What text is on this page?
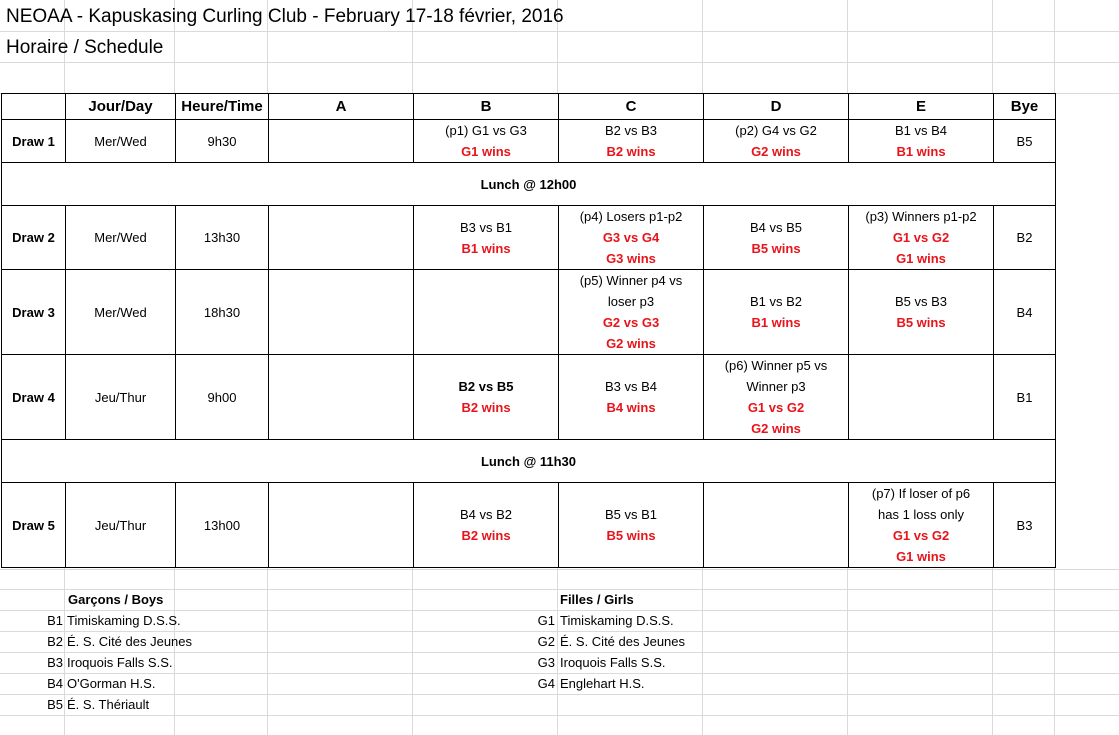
NEOAA - Kapuskasing Curling Club - February 17-18 février, 2016
Horaire / Schedule
	Jour/Day	Heure/Time	A	B	C	D	E	Bye
Draw 1	Mer/Wed	9h30		(p1) G1 vs G3
G1 wins	B2 vs B3
B2 wins	(p2) G4 vs G2
G2 wins	B1 vs B4
B1 wins	B5
Lunch @ 12h00								
Draw 2	Mer/Wed	13h30		B3 vs B1
B1 wins	(p4) Losers p1-p2
G3 vs G4
G3 wins	B4 vs B5
B5 wins	(p3) Winners p1-p2
G1 vs G2
G1 wins	B2
Draw 3	Mer/Wed	18h30			(p5) Winner p4 vs
loser p3
G2 vs G3
G2 wins	B1 vs B2
B1 wins	B5 vs B3
B5 wins	B4
Draw 4	Jeu/Thur	9h00		B2 vs B5
B2 wins	B3 vs B4
B4 wins	(p6) Winner p5 vs
Winner p3
G1 vs G2
G2 wins		B1
Lunch @ 11h30								
Draw 5	Jeu/Thur	13h00		B4 vs B2
B2 wins	B5 vs B1
B5 wins		(p7) If loser of p6
has 1 loss only
G1 vs G2
G1 wins	B3
Garçons / Boys
B1 Timiskaming D.S.S.
B2 É. S. Cité des Jeunes
B3 Iroquois Falls S.S.
B4 O'Gorman H.S.
B5 É. S. Thériault
Filles / Girls
G1 Timiskaming D.S.S.
G2 É. S. Cité des Jeunes
G3 Iroquois Falls S.S.
G4 Englehart H.S.
